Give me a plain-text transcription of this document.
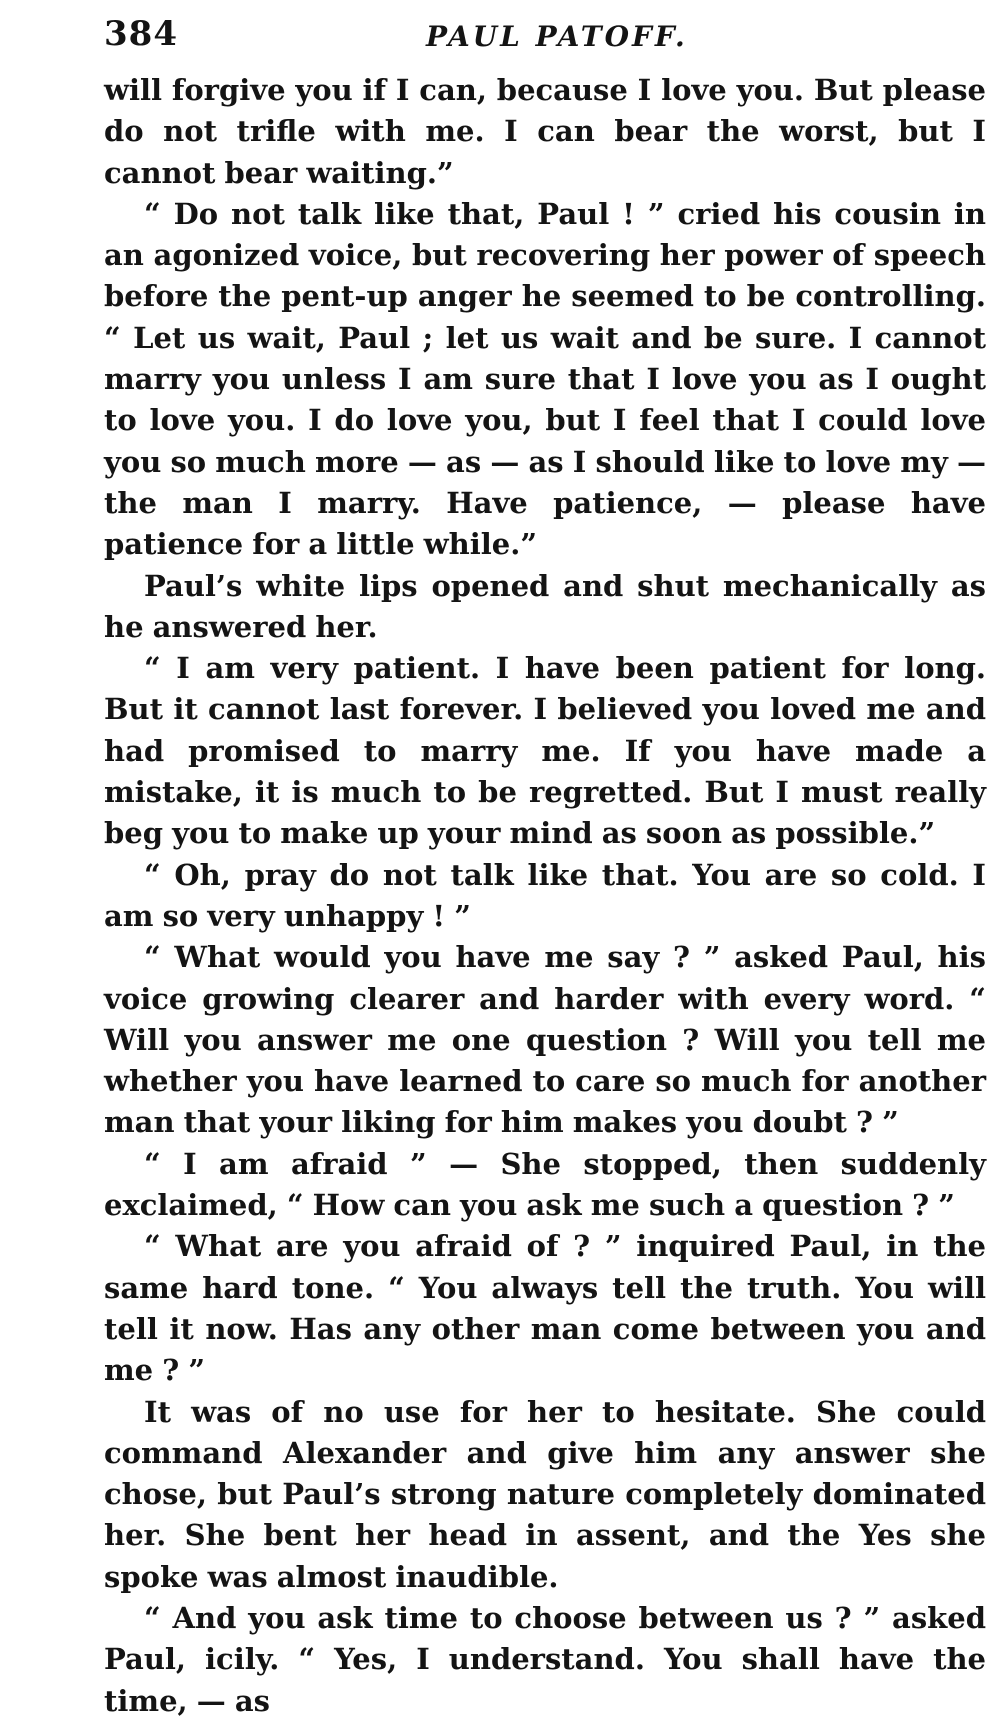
384	PAUL PATOFF.

will forgive you if I can, because I love you. But please do not trifle with me. I can bear the worst, but I cannot bear waiting.”

“ Do not talk like that, Paul ! ” cried his cousin in an agonized voice, but recovering her power of speech before the pent-up anger he seemed to be controlling. “ Let us wait, Paul ; let us wait and be sure. I cannot marry you unless I am sure that I love you as I ought to love you. I do love you, but I feel that I could love you so much more — as — as I should like to love my — the man I marry. Have patience, — please have patience for a little while.”

Paul’s white lips opened and shut mechanically as he answered her.

“ I am very patient. I have been patient for long. But it cannot last forever. I believed you loved me and had promised to marry me. If you have made a mistake, it is much to be regretted. But I must really beg you to make up your mind as soon as possible.”

“ Oh, pray do not talk like that. You are so cold. I am so very unhappy ! ”

“ What would you have me say ? ” asked Paul, his voice growing clearer and harder with every word. “ Will you answer me one question ? Will you tell me whether you have learned to care so much for another man that your liking for him makes you doubt ? ”

“ I am afraid ” — She stopped, then suddenly exclaimed, “ How can you ask me such a question ? ”

“ What are you afraid of ? ” inquired Paul, in the same hard tone. “ You always tell the truth. You will tell it now. Has any other man come between you and me ? ”

It was of no use for her to hesitate. She could command Alexander and give him any answer she chose, but Paul’s strong nature completely dominated her. She bent her head in assent, and the Yes she spoke was almost inaudible.

“ And you ask time to choose between us ? ” asked Paul, icily. “ Yes, I understand. You shall have the time, — as
